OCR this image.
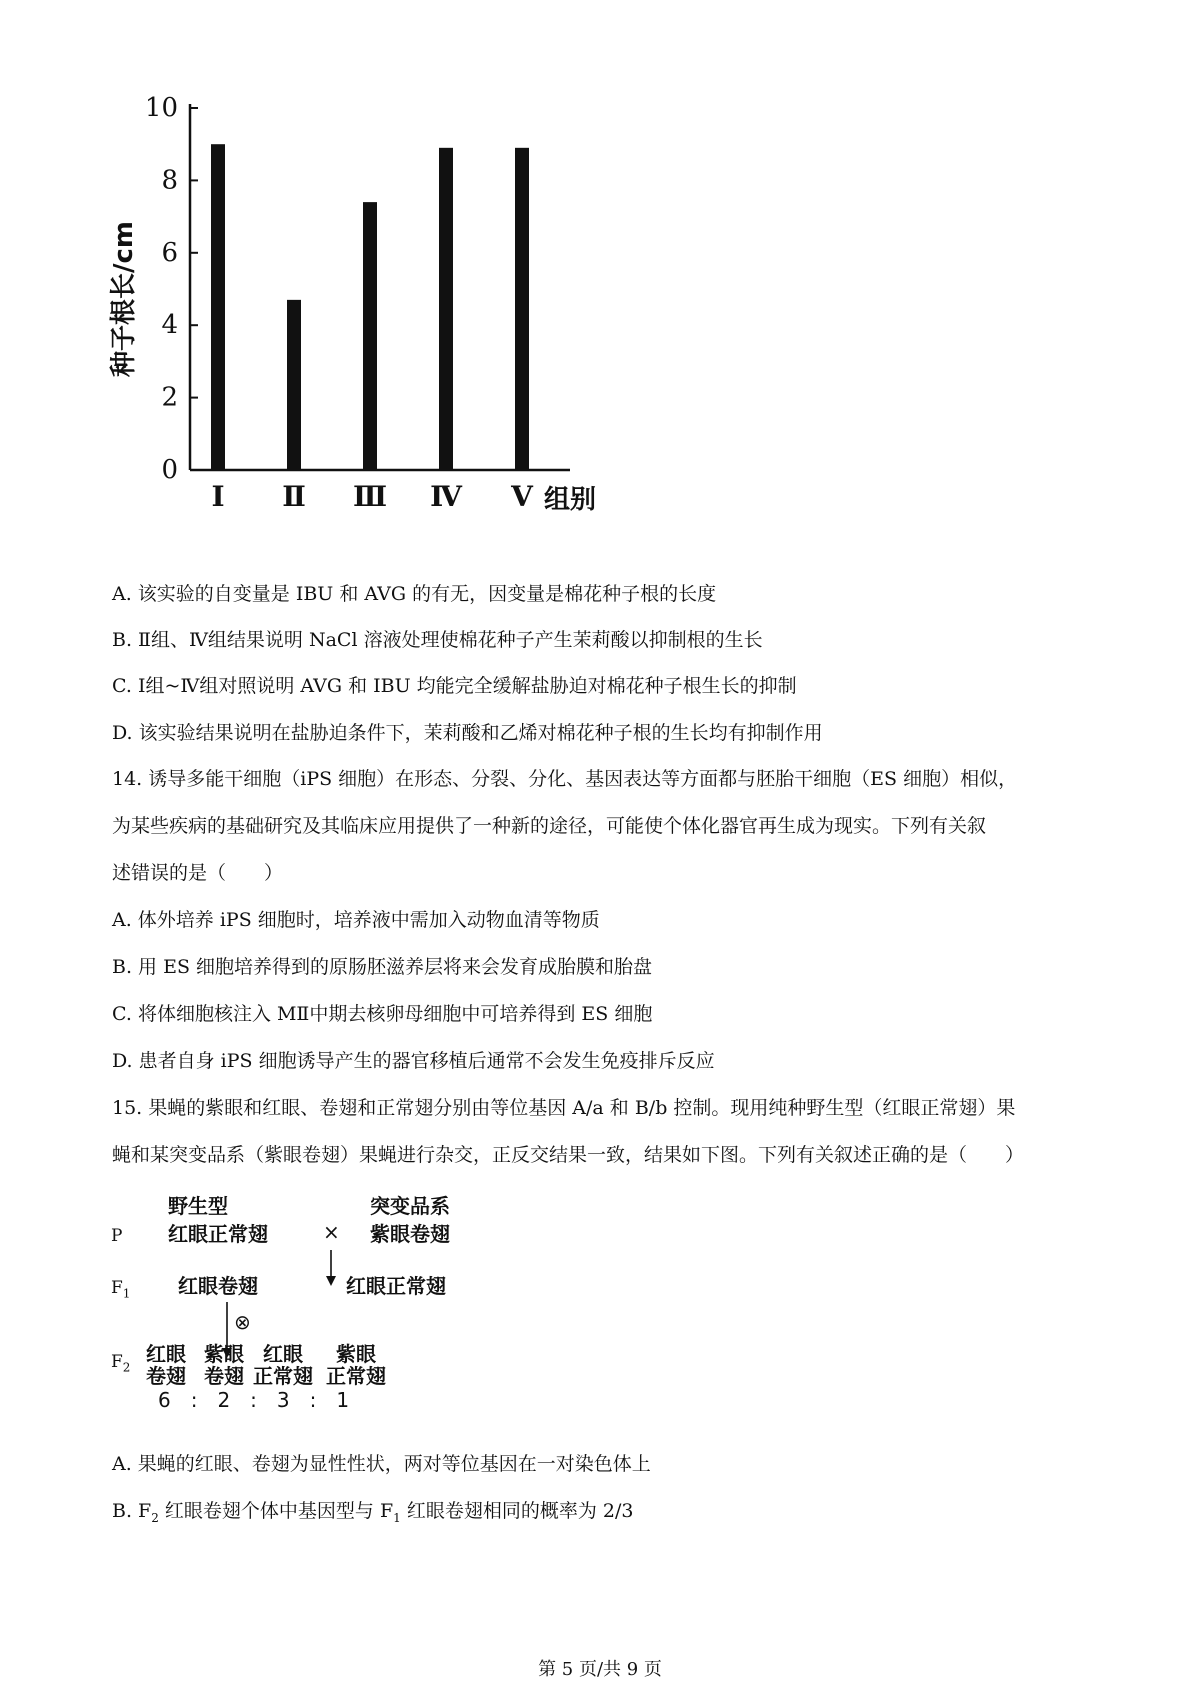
0
2
4
6
8
10
Ⅰ Ⅱ Ⅲ Ⅳ Ⅴ 组别
种子根长/cm
A. 该实验的自变量是 IBU 和 AVG 的有无，因变量是棉花种子根的长度
B. Ⅱ组、Ⅳ组结果说明 NaCl 溶液处理使棉花种子产生茉莉酸以抑制根的生长
C. Ⅰ组~Ⅳ组对照说明 AVG 和 IBU 均能完全缓解盐胁迫对棉花种子根生长的抑制
D. 该实验结果说明在盐胁迫条件下，茉莉酸和乙烯对棉花种子根的生长均有抑制作用
14. 诱导多能干细胞（iPS 细胞）在形态、分裂、分化、基因表达等方面都与胚胎干细胞（ES 细胞）相似，
为某些疾病的基础研究及其临床应用提供了一种新的途径，可能使个体化器官再生成为现实。下列有关叙
述错误的是（　　）
A. 体外培养 iPS 细胞时，培养液中需加入动物血清等物质
B. 用 ES 细胞培养得到的原肠胚滋养层将来会发育成胎膜和胎盘
C. 将体细胞核注入 MⅡ中期去核卵母细胞中可培养得到 ES 细胞
D. 患者自身 iPS 细胞诱导产生的器官移植后通常不会发生免疫排斥反应
15. 果蝇的紫眼和红眼、卷翅和正常翅分别由等位基因 A/a 和 B/b 控制。现用纯种野生型（红眼正常翅）果
蝇和某突变品系（紫眼卷翅）果蝇进行杂交，正反交结果一致，结果如下图。下列有关叙述正确的是（　　）
野生型	突变品系
P 红眼正常翅	× 紫眼卷翅
$F_1$ 红眼卷翅	红眼正常翅
⊗
$F_2$
红眼
卷翅
紫眼
卷翅
红眼
正常翅
紫眼
正常翅
6　:　2　:　3　:　1
A. 果蝇的红眼、卷翅为显性性状，两对等位基因在一对染色体上
B. $F_2$ 红眼卷翅个体中基因型与 $F_1$ 红眼卷翅相同的概率为 2/3
第 5 页/共 9 页
